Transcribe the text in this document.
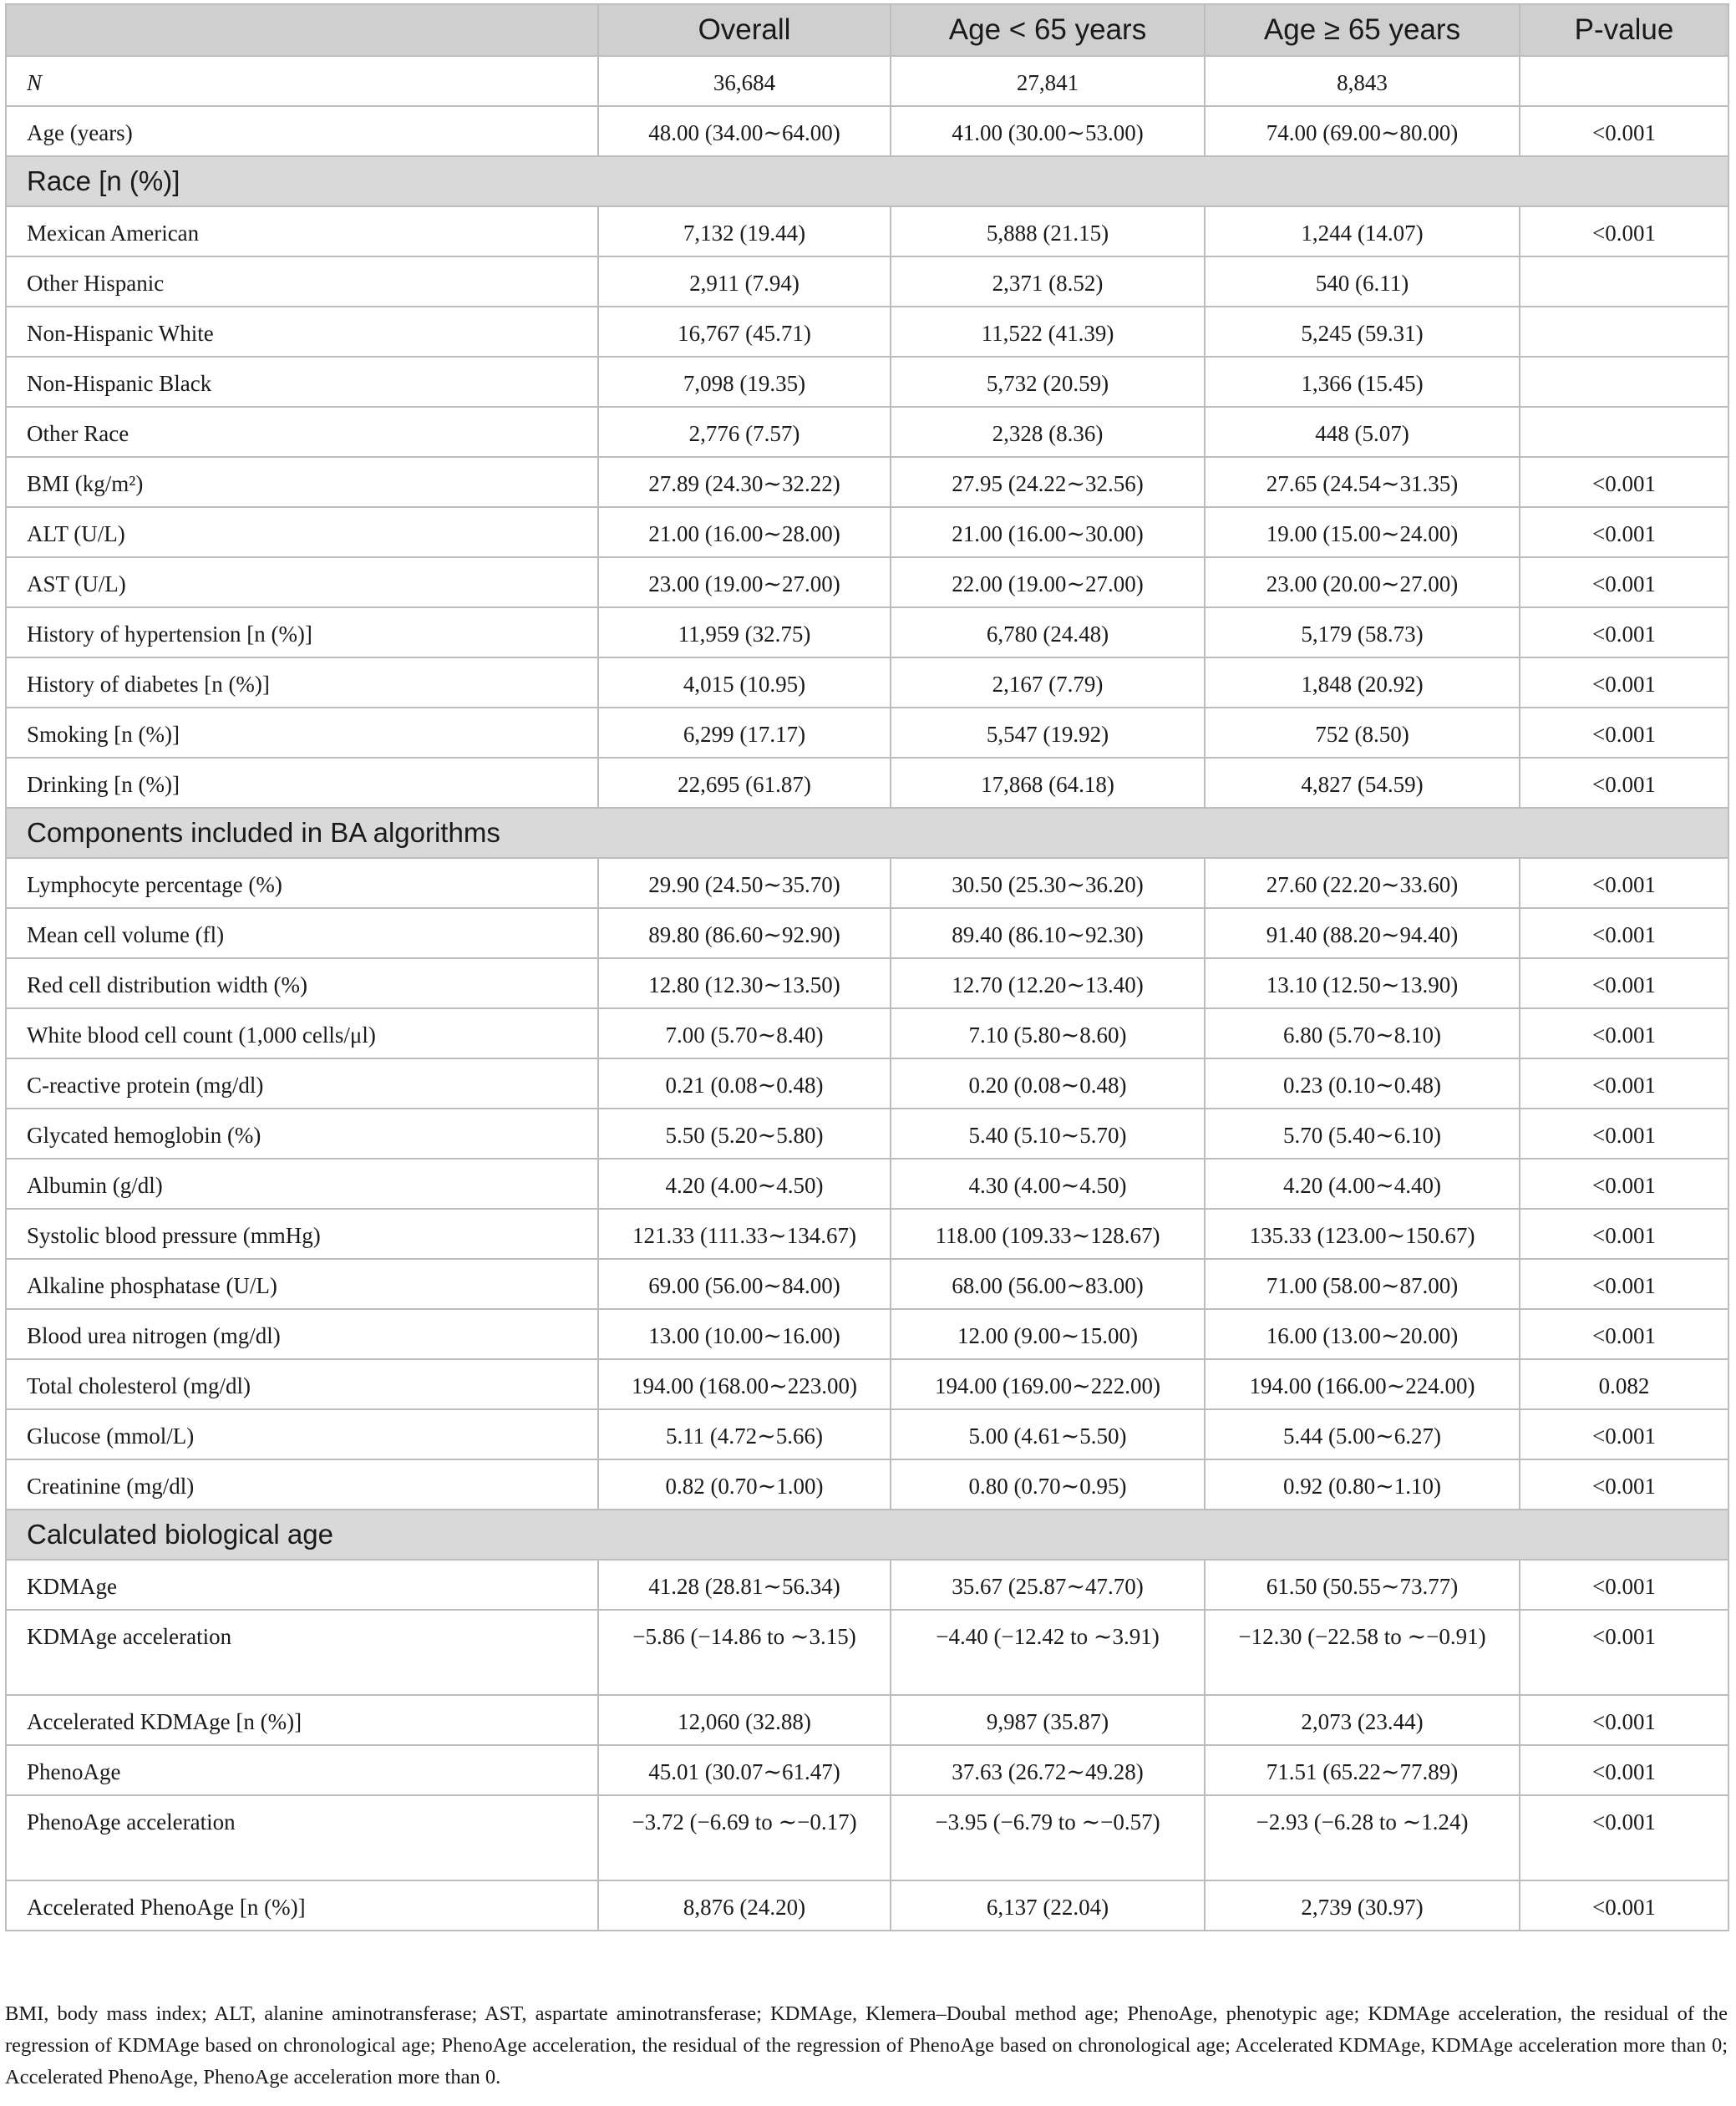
	Overall	Age < 65 years	Age ≥ 65 years	P-value
N	36,684	27,841	8,843	
Age (years)	48.00 (34.00∼64.00)	41.00 (30.00∼53.00)	74.00 (69.00∼80.00)	<0.001
Race [n (%)]				
Mexican American	7,132 (19.44)	5,888 (21.15)	1,244 (14.07)	<0.001
Other Hispanic	2,911 (7.94)	2,371 (8.52)	540 (6.11)	
Non-Hispanic White	16,767 (45.71)	11,522 (41.39)	5,245 (59.31)	
Non-Hispanic Black	7,098 (19.35)	5,732 (20.59)	1,366 (15.45)	
Other Race	2,776 (7.57)	2,328 (8.36)	448 (5.07)	
BMI (kg/m²)	27.89 (24.30∼32.22)	27.95 (24.22∼32.56)	27.65 (24.54∼31.35)	<0.001
ALT (U/L)	21.00 (16.00∼28.00)	21.00 (16.00∼30.00)	19.00 (15.00∼24.00)	<0.001
AST (U/L)	23.00 (19.00∼27.00)	22.00 (19.00∼27.00)	23.00 (20.00∼27.00)	<0.001
History of hypertension [n (%)]	11,959 (32.75)	6,780 (24.48)	5,179 (58.73)	<0.001
History of diabetes [n (%)]	4,015 (10.95)	2,167 (7.79)	1,848 (20.92)	<0.001
Smoking [n (%)]	6,299 (17.17)	5,547 (19.92)	752 (8.50)	<0.001
Drinking [n (%)]	22,695 (61.87)	17,868 (64.18)	4,827 (54.59)	<0.001
Components included in BA algorithms				
Lymphocyte percentage (%)	29.90 (24.50∼35.70)	30.50 (25.30∼36.20)	27.60 (22.20∼33.60)	<0.001
Mean cell volume (fl)	89.80 (86.60∼92.90)	89.40 (86.10∼92.30)	91.40 (88.20∼94.40)	<0.001
Red cell distribution width (%)	12.80 (12.30∼13.50)	12.70 (12.20∼13.40)	13.10 (12.50∼13.90)	<0.001
White blood cell count (1,000 cells/μl)	7.00 (5.70∼8.40)	7.10 (5.80∼8.60)	6.80 (5.70∼8.10)	<0.001
C-reactive protein (mg/dl)	0.21 (0.08∼0.48)	0.20 (0.08∼0.48)	0.23 (0.10∼0.48)	<0.001
Glycated hemoglobin (%)	5.50 (5.20∼5.80)	5.40 (5.10∼5.70)	5.70 (5.40∼6.10)	<0.001
Albumin (g/dl)	4.20 (4.00∼4.50)	4.30 (4.00∼4.50)	4.20 (4.00∼4.40)	<0.001
Systolic blood pressure (mmHg)	121.33 (111.33∼134.67)	118.00 (109.33∼128.67)	135.33 (123.00∼150.67)	<0.001
Alkaline phosphatase (U/L)	69.00 (56.00∼84.00)	68.00 (56.00∼83.00)	71.00 (58.00∼87.00)	<0.001
Blood urea nitrogen (mg/dl)	13.00 (10.00∼16.00)	12.00 (9.00∼15.00)	16.00 (13.00∼20.00)	<0.001
Total cholesterol (mg/dl)	194.00 (168.00∼223.00)	194.00 (169.00∼222.00)	194.00 (166.00∼224.00)	0.082
Glucose (mmol/L)	5.11 (4.72∼5.66)	5.00 (4.61∼5.50)	5.44 (5.00∼6.27)	<0.001
Creatinine (mg/dl)	0.82 (0.70∼1.00)	0.80 (0.70∼0.95)	0.92 (0.80∼1.10)	<0.001
Calculated biological age				
KDMAge	41.28 (28.81∼56.34)	35.67 (25.87∼47.70)	61.50 (50.55∼73.77)	<0.001
KDMAge acceleration	−5.86 (−14.86 to ∼3.15)	−4.40 (−12.42 to ∼3.91)	−12.30 (−22.58 to ∼−0.91)	<0.001
Accelerated KDMAge [n (%)]	12,060 (32.88)	9,987 (35.87)	2,073 (23.44)	<0.001
PhenoAge	45.01 (30.07∼61.47)	37.63 (26.72∼49.28)	71.51 (65.22∼77.89)	<0.001
PhenoAge acceleration	−3.72 (−6.69 to ∼−0.17)	−3.95 (−6.79 to ∼−0.57)	−2.93 (−6.28 to ∼1.24)	<0.001
Accelerated PhenoAge [n (%)]	8,876 (24.20)	6,137 (22.04)	2,739 (30.97)	<0.001
BMI, body mass index; ALT, alanine aminotransferase; AST, aspartate aminotransferase; KDMAge, Klemera–Doubal method age; PhenoAge, phenotypic age; KDMAge acceleration, the residual of the regression of KDMAge based on chronological age; PhenoAge acceleration, the residual of the regression of PhenoAge based on chronological age; Accelerated KDMAge, KDMAge acceleration more than 0; Accelerated PhenoAge, PhenoAge acceleration more than 0.
